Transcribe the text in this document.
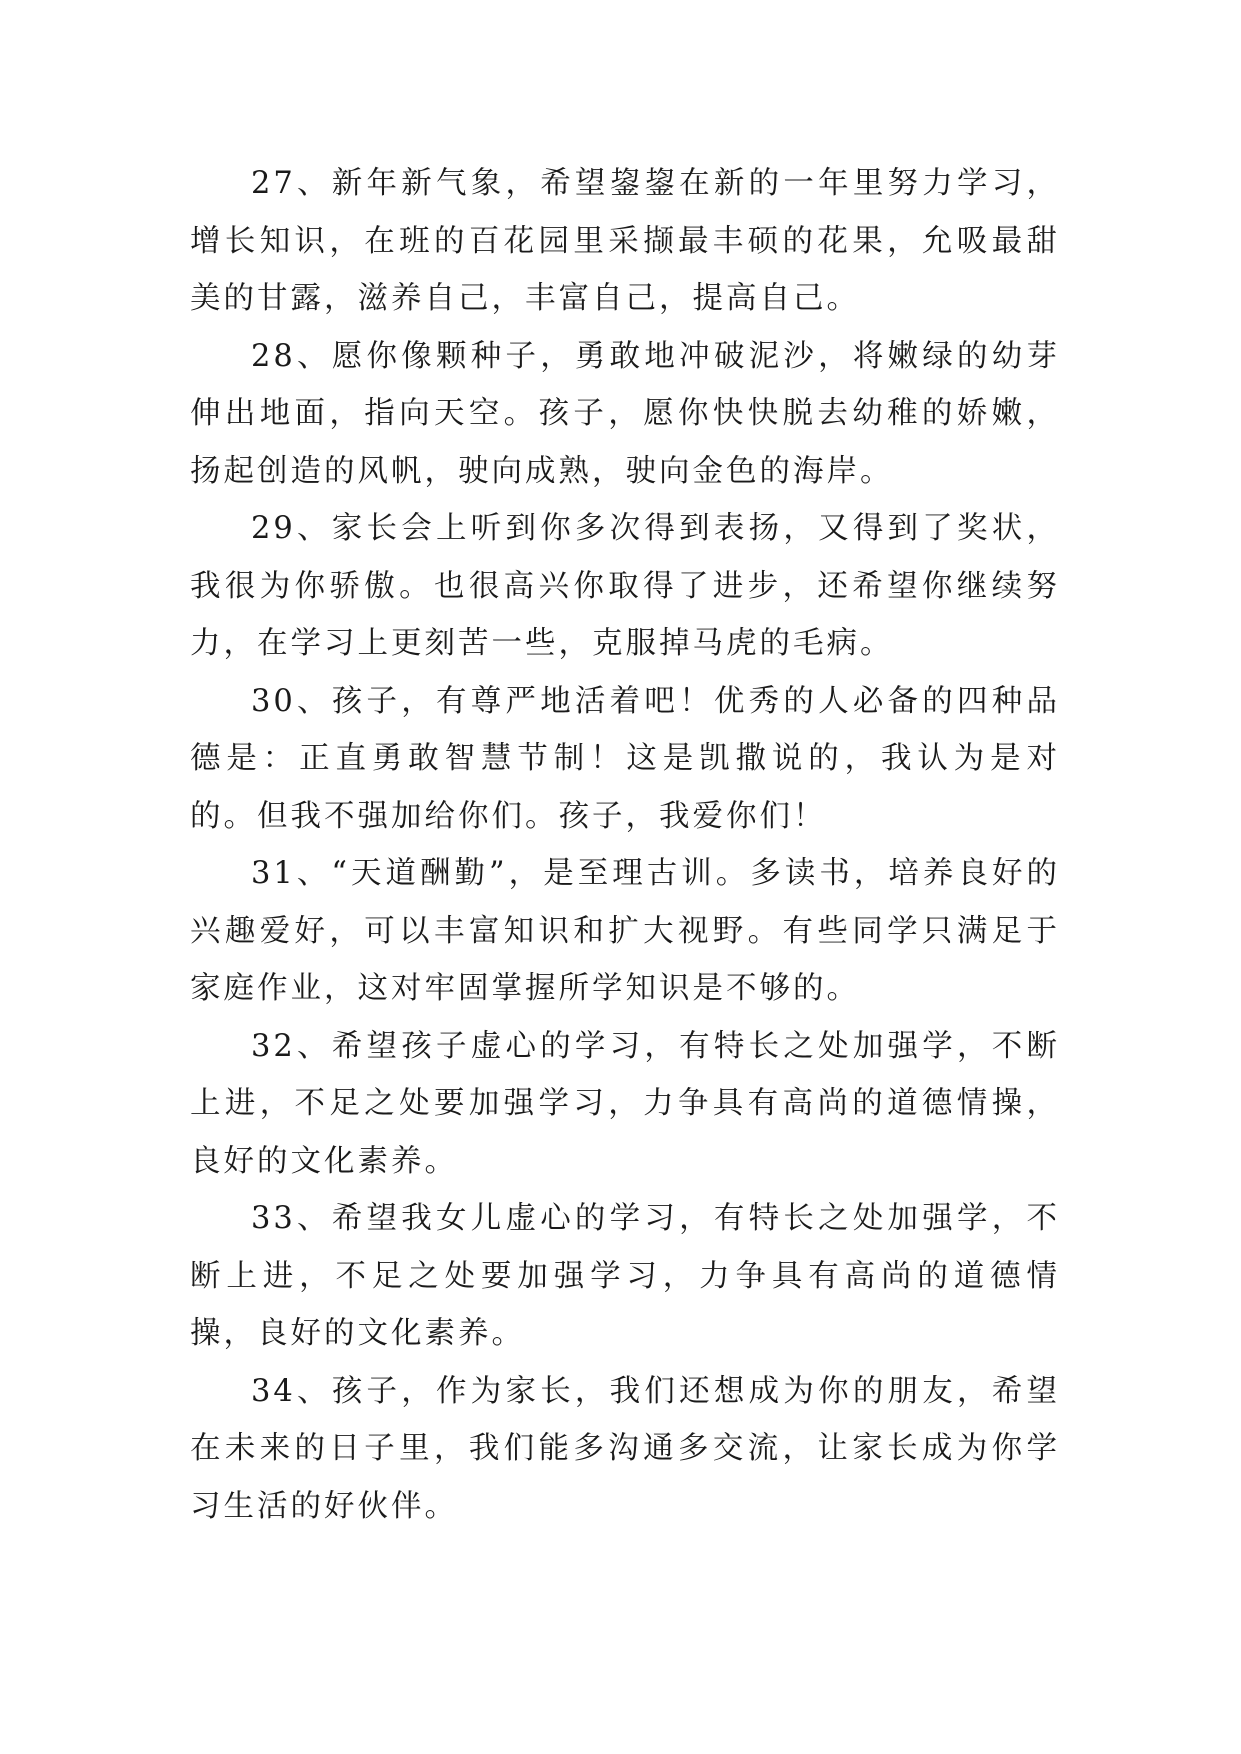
27、新年新气象，希望鋆鋆在新的一年里努力学习，增长知识，在班的百花园里采撷最丰硕的花果，允吸最甜美的甘露，滋养自己，丰富自己，提高自己。

28、愿你像颗种子，勇敢地冲破泥沙，将嫩绿的幼芽伸出地面，指向天空。孩子，愿你快快脱去幼稚的娇嫩，扬起创造的风帆，驶向成熟，驶向金色的海岸。

29、家长会上听到你多次得到表扬，又得到了奖状，我很为你骄傲。也很高兴你取得了进步，还希望你继续努力，在学习上更刻苦一些，克服掉马虎的毛病。

30、孩子，有尊严地活着吧！优秀的人必备的四种品德是：正直勇敢智慧节制！这是凯撒说的，我认为是对的。但我不强加给你们。孩子，我爱你们！

31、“天道酬勤”，是至理古训。多读书，培养良好的兴趣爱好，可以丰富知识和扩大视野。有些同学只满足于家庭作业，这对牢固掌握所学知识是不够的。

32、希望孩子虚心的学习，有特长之处加强学，不断上进，不足之处要加强学习，力争具有高尚的道德情操，良好的文化素养。

33、希望我女儿虚心的学习，有特长之处加强学，不断上进，不足之处要加强学习，力争具有高尚的道德情操，良好的文化素养。

34、孩子，作为家长，我们还想成为你的朋友，希望在未来的日子里，我们能多沟通多交流，让家长成为你学习生活的好伙伴。
